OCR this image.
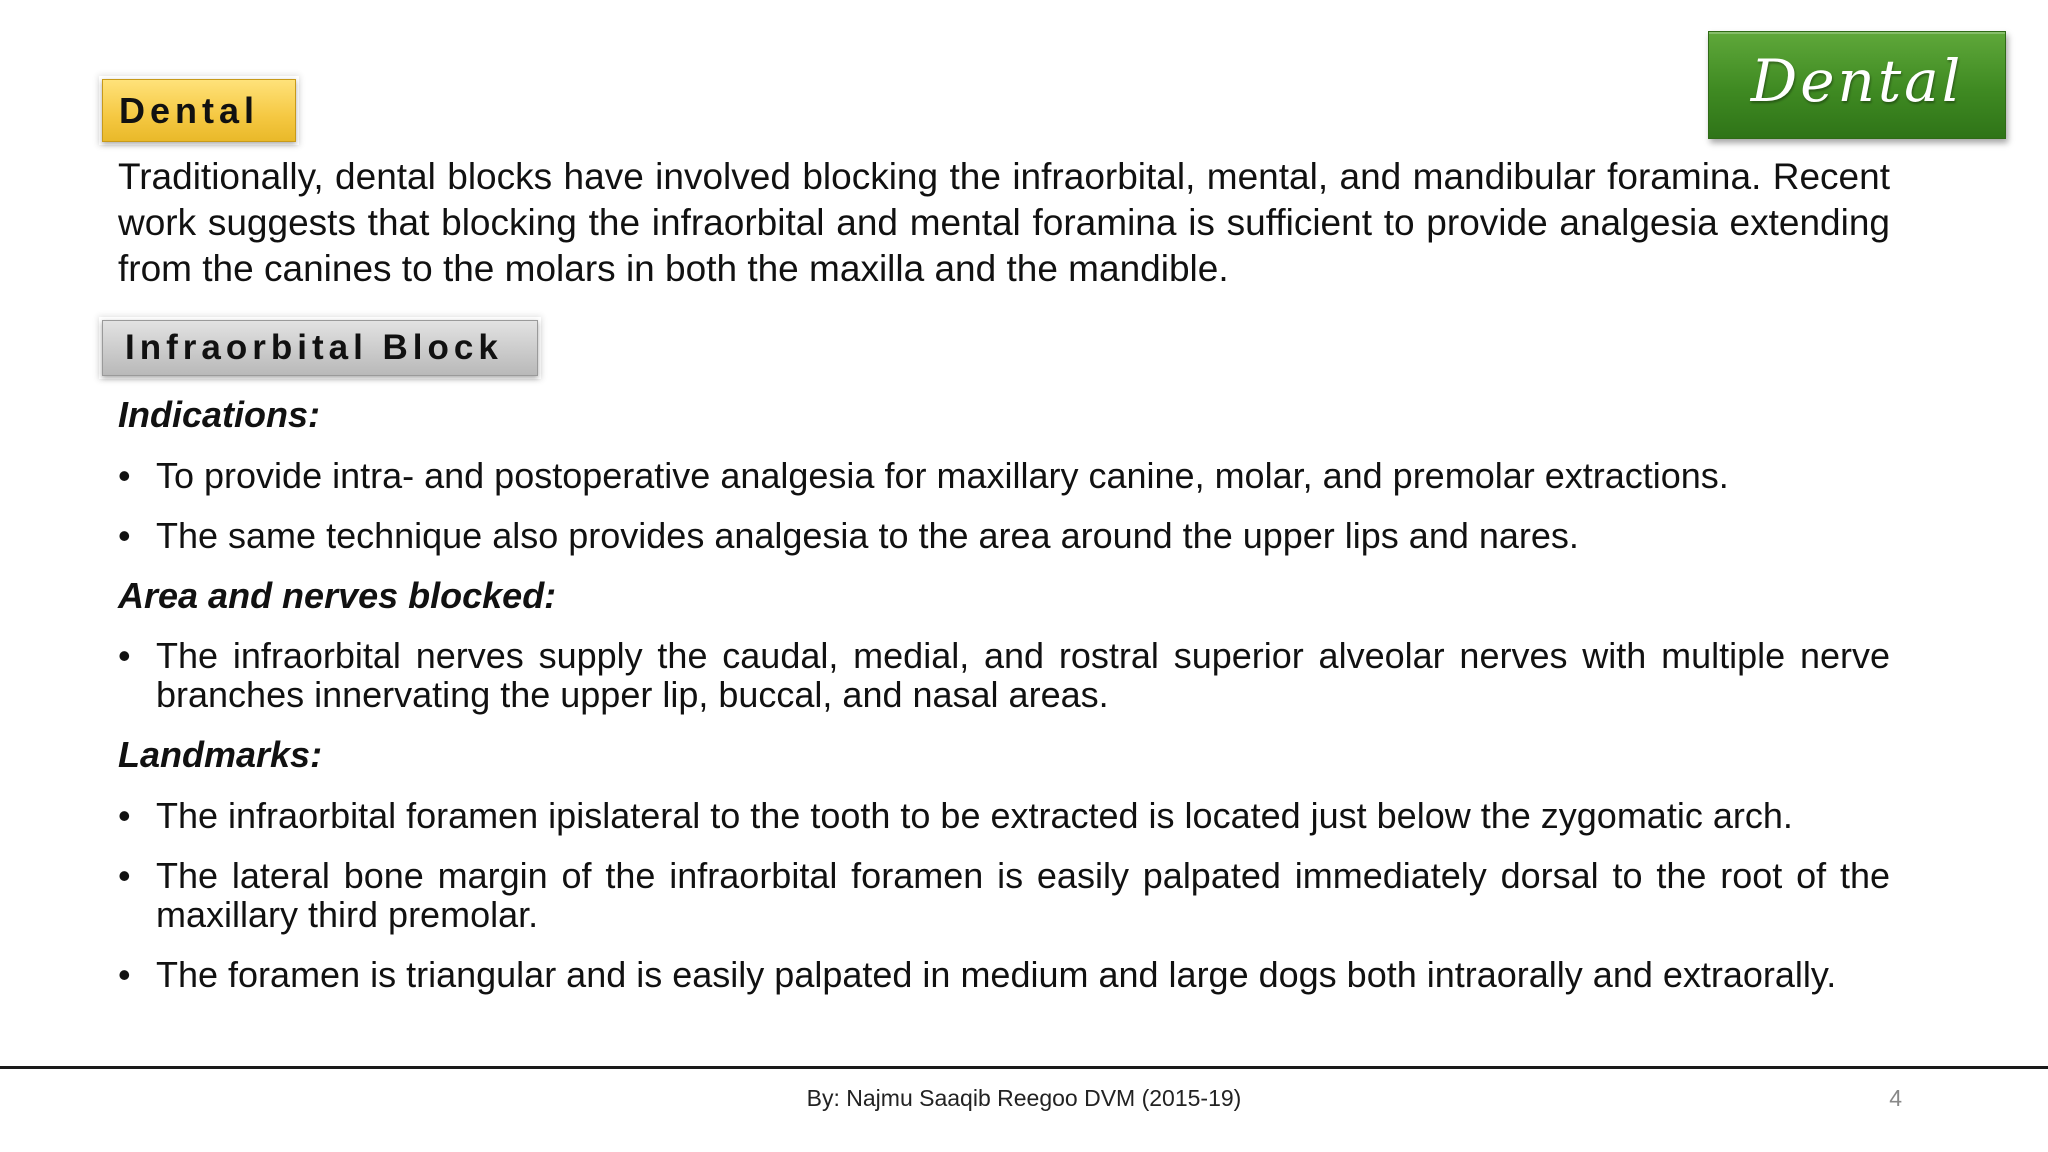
Dental
Dental
Traditionally, dental blocks have involved blocking the infraorbital, mental, and mandibular foramina. Recent work suggests that blocking the infraorbital and mental foramina is sufficient to provide analgesia extending from the canines to the molars in both the maxilla and the mandible.
Infraorbital Block
Indications:
• To provide intra- and postoperative analgesia for maxillary canine, molar, and premolar extractions.
• The same technique also provides analgesia to the area around the upper lips and nares.
Area and nerves blocked:
• The infraorbital nerves supply the caudal, medial, and rostral superior alveolar nerves with multiple nerve branches innervating the upper lip, buccal, and nasal areas.
Landmarks:
• The infraorbital foramen ipislateral to the tooth to be extracted is located just below the zygomatic arch.
• The lateral bone margin of the infraorbital foramen is easily palpated immediately dorsal to the root of the maxillary third premolar.
• The foramen is triangular and is easily palpated in medium and large dogs both intraorally and extraorally.
By: Najmu Saaqib Reegoo DVM (2015-19)	4
